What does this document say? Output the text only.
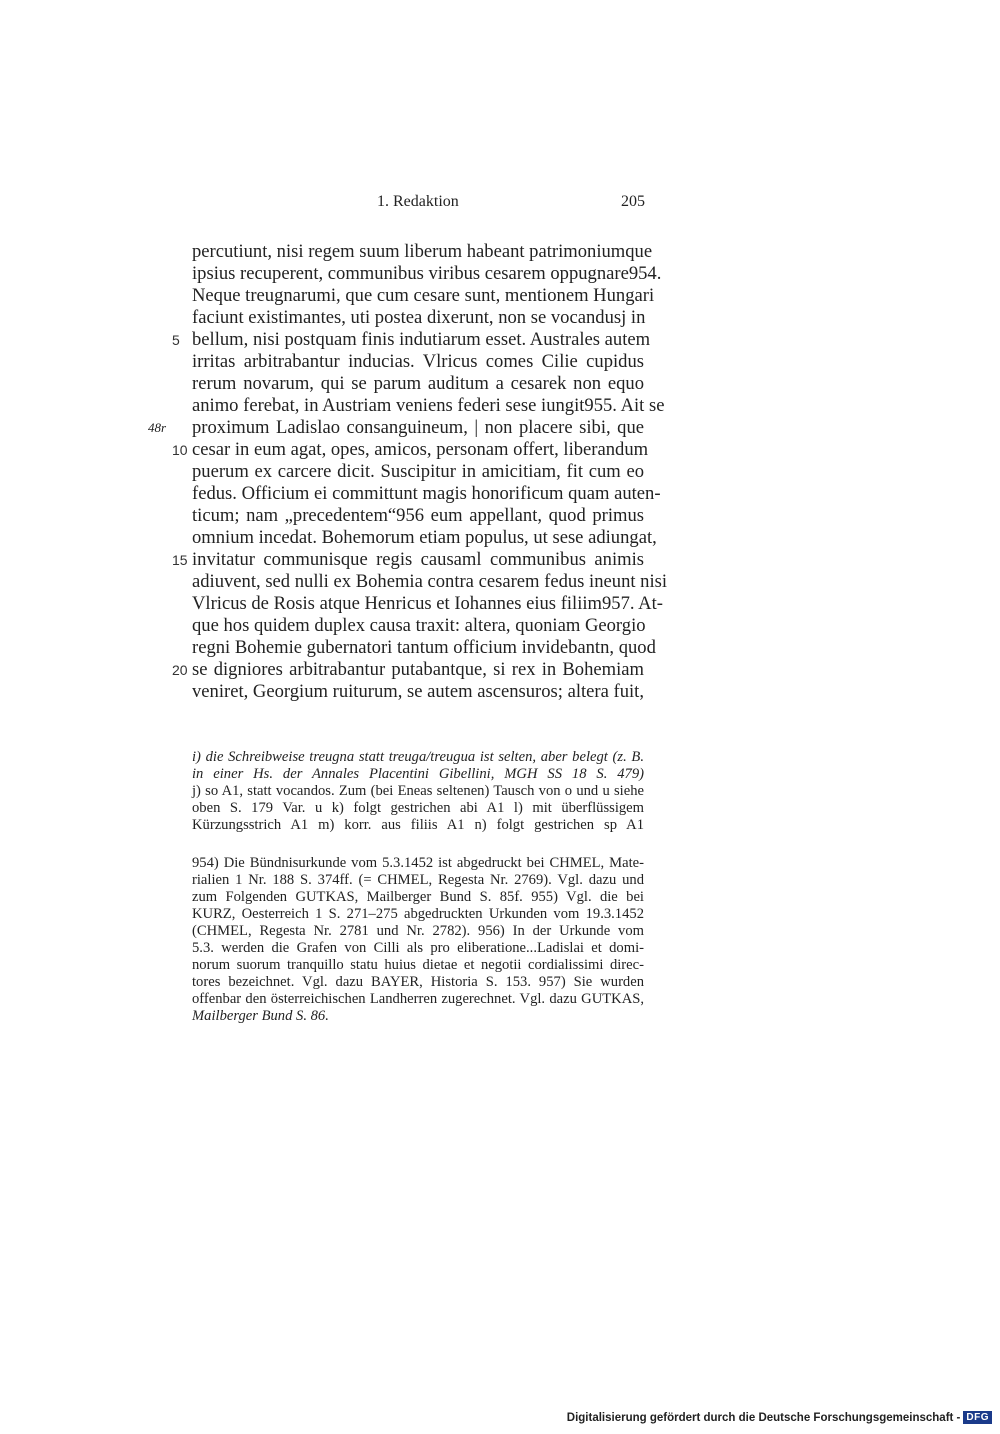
1. Redaktion	205
percutiunt, nisi regem suum liberum habeant patrimoniumque
ipsius recuperent, communibus viribus cesarem oppugnare954.
Neque treugnarumi, que cum cesare sunt, mentionem Hungari
faciunt existimantes, uti postea dixerunt, non se vocandusj in
bellum, nisi postquam finis indutiarum esset. Australes autem
irritas arbitrabantur inducias. Vlricus comes Cilie cupidus
rerum novarum, qui se parum auditum a cesarek non equo
animo ferebat, in Austriam veniens federi sese iungit955. Ait se
proximum Ladislao consanguineum, | non placere sibi, que
cesar in eum agat, opes, amicos, personam offert, liberandum
puerum ex carcere dicit. Suscipitur in amicitiam, fit cum eo
fedus. Officium ei committunt magis honorificum quam auten-
ticum; nam „precedentem“956 eum appellant, quod primus
omnium incedat. Bohemorum etiam populus, ut sese adiungat,
invitatur communisque regis causaml communibus animis
adiuvent, sed nulli ex Bohemia contra cesarem fedus ineunt nisi
Vlricus de Rosis atque Henricus et Iohannes eius filiim957. At-
que hos quidem duplex causa traxit: altera, quoniam Georgio
regni Bohemie gubernatori tantum officium invidebantn, quod
se digniores arbitrabantur putabantque, si rex in Bohemiam
veniret, Georgium ruiturum, se autem ascensuros; altera fuit,
5
10
15
20
48r
i) die Schreibweise treugna statt treuga/treugua ist selten, aber belegt (z. B.
in einer Hs. der Annales Placentini Gibellini, MGH SS 18 S. 479)
j) so A1, statt vocandos. Zum (bei Eneas seltenen) Tausch von o und u siehe
oben S. 179 Var. u k) folgt gestrichen abi A1 l) mit überflüssigem
Kürzungsstrich A1 m) korr. aus filiis A1 n) folgt gestrichen sp A1
954) Die Bündnisurkunde vom 5.3.1452 ist abgedruckt bei CHMEL, Mate-
rialien 1 Nr. 188 S. 374ff. (= CHMEL, Regesta Nr. 2769). Vgl. dazu und
zum Folgenden GUTKAS, Mailberger Bund S. 85f. 955) Vgl. die bei
KURZ, Oesterreich 1 S. 271–275 abgedruckten Urkunden vom 19.3.1452
(CHMEL, Regesta Nr. 2781 und Nr. 2782). 956) In der Urkunde vom
5.3. werden die Grafen von Cilli als pro eliberatione...Ladislai et domi-
norum suorum tranquillo statu huius dietae et negotii cordialissimi direc-
tores bezeichnet. Vgl. dazu BAYER, Historia S. 153. 957) Sie wurden
offenbar den österreichischen Landherren zugerechnet. Vgl. dazu GUTKAS,
Mailberger Bund S. 86.
Digitalisierung gefördert durch die Deutsche Forschungsgemeinschaft - DFG
